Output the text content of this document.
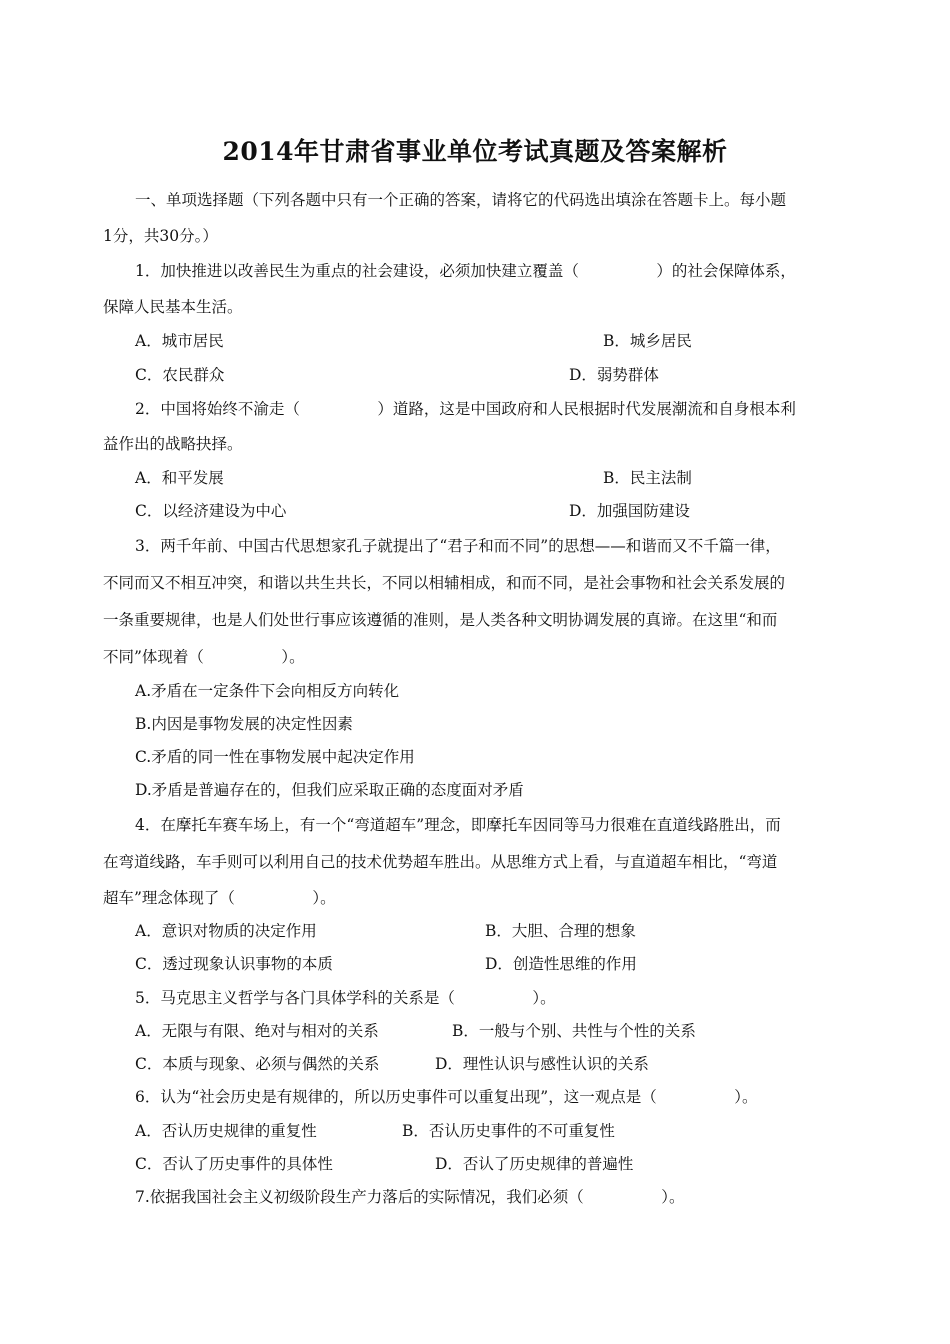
2014年甘肃省事业单位考试真题及答案解析
一、单项选择题（下列各题中只有一个正确的答案，请将它的代码选出填涂在答题卡上。每小题
1分，共30分。）
1．加快推进以改善民生为重点的社会建设，必须加快建立覆盖（　　　　　）的社会保障体系，
保障人民基本生活。
A．城市居民	B．城乡居民
C．农民群众	D．弱势群体
2．中国将始终不渝走（　　　　　）道路，这是中国政府和人民根据时代发展潮流和自身根本利
益作出的战略抉择。
A．和平发展	B．民主法制
C．以经济建设为中心	D．加强国防建设
3．两千年前、中国古代思想家孔子就提出了“君子和而不同”的思想——和谐而又不千篇一律，
不同而又不相互冲突，和谐以共生共长，不同以相辅相成，和而不同，是社会事物和社会关系发展的
一条重要规律，也是人们处世行事应该遵循的准则，是人类各种文明协调发展的真谛。在这里“和而
不同”体现着（　　　　　）。
A.矛盾在一定条件下会向相反方向转化
B.内因是事物发展的决定性因素
C.矛盾的同一性在事物发展中起决定作用
D.矛盾是普遍存在的，但我们应采取正确的态度面对矛盾
4．在摩托车赛车场上，有一个“弯道超车”理念，即摩托车因同等马力很难在直道线路胜出，而
在弯道线路，车手则可以利用自己的技术优势超车胜出。从思维方式上看，与直道超车相比，“弯道
超车”理念体现了（　　　　　）。
A．意识对物质的决定作用	B．大胆、合理的想象
C．透过现象认识事物的本质	D．创造性思维的作用
5．马克思主义哲学与各门具体学科的关系是（　　　　　）。
A．无限与有限、绝对与相对的关系	B．一般与个别、共性与个性的关系
C．本质与现象、必须与偶然的关系	D．理性认识与感性认识的关系
6．认为“社会历史是有规律的，所以历史事件可以重复出现”，这一观点是（　　　　　）。
A．否认历史规律的重复性	B．否认历史事件的不可重复性
C．否认了历史事件的具体性	D．否认了历史规律的普遍性
7.依据我国社会主义初级阶段生产力落后的实际情况，我们必须（　　　　　）。
